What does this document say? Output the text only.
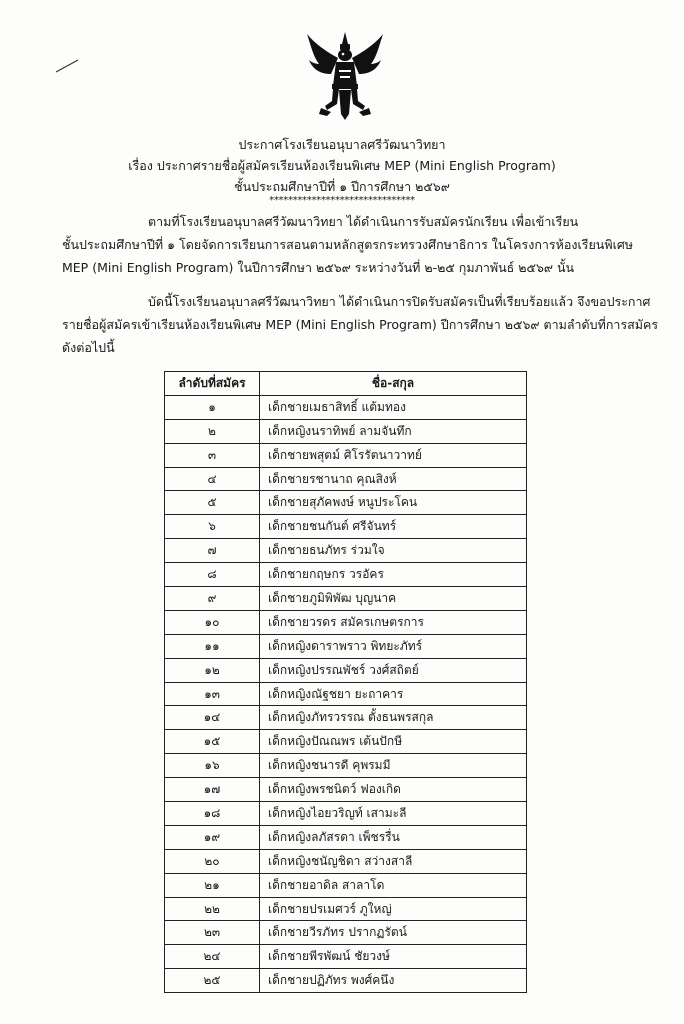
ประกาศโรงเรียนอนุบาลศรีวัฒนาวิทยา
เรื่อง ประกาศรายชื่อผู้สมัครเรียนห้องเรียนพิเศษ MEP (Mini English Program)
ชั้นประถมศึกษาปีที่ ๑ ปีการศึกษา ๒๕๖๙
*******************************
ตามที่โรงเรียนอนุบาลศรีวัฒนาวิทยา ได้ดำเนินการรับสมัครนักเรียน เพื่อเข้าเรียน
ชั้นประถมศึกษาปีที่ ๑ โดยจัดการเรียนการสอนตามหลักสูตรกระทรวงศึกษาธิการ ในโครงการห้องเรียนพิเศษ
MEP (Mini English Program) ในปีการศึกษา ๒๕๖๙ ระหว่างวันที่ ๒-๒๕ กุมภาพันธ์ ๒๕๖๙ นั้น
บัดนี้โรงเรียนอนุบาลศรีวัฒนาวิทยา ได้ดำเนินการปิดรับสมัครเป็นที่เรียบร้อยแล้ว จึงขอประกาศ
รายชื่อผู้สมัครเข้าเรียนห้องเรียนพิเศษ MEP (Mini English Program) ปีการศึกษา ๒๕๖๙ ตามลำดับที่การสมัคร
ดังต่อไปนี้
ลำดับที่สมัคร	ชื่อ-สกุล
๑	เด็กชายเมธาสิทธิ์ แต้มทอง
๒	เด็กหญิงนราทิพย์ ลามจันทึก
๓	เด็กชายพสุตม์ ศิโรรัตนาวาทย์
๔	เด็กชายรชานาถ คุณสิงห์
๕	เด็กชายสุภัคพงษ์ หนูประโคน
๖	เด็กชายชนกันต์ ศรีจันทร์
๗	เด็กชายธนภัทร ร่วมใจ
๘	เด็กชายกฤษกร วรอัคร
๙	เด็กชายภูมิพิพัฒ บุญนาค
๑๐	เด็กชายวรดร สมัครเกษตรการ
๑๑	เด็กหญิงดาราพราว พิทยะภัทร์
๑๒	เด็กหญิงปรรณพัชร์ วงศ์สถิตย์
๑๓	เด็กหญิงณัฐชยา ยะถาคาร
๑๔	เด็กหญิงภัทรวรรณ ตั้งธนพรสกุล
๑๕	เด็กหญิงปัณณพร เต้นปักษี
๑๖	เด็กหญิงชนารดี คุพรมมี
๑๗	เด็กหญิงพรชนิตว์ ฟองเกิด
๑๘	เด็กหญิงไอยวริญท์ เสามะลี
๑๙	เด็กหญิงลภัสรดา เพ็ชรรื่น
๒๐	เด็กหญิงชนัญชิดา สว่างสาลี
๒๑	เด็กชายอาดิล สาลาโด
๒๒	เด็กชายปรเมศวร์ ภูใหญ่
๒๓	เด็กชายวีรภัทร ปรากฏรัตน์
๒๔	เด็กชายพีรพัฒน์ ชัยวงษ์
๒๕	เด็กชายปฏิภัทร พงศ์คนึง
